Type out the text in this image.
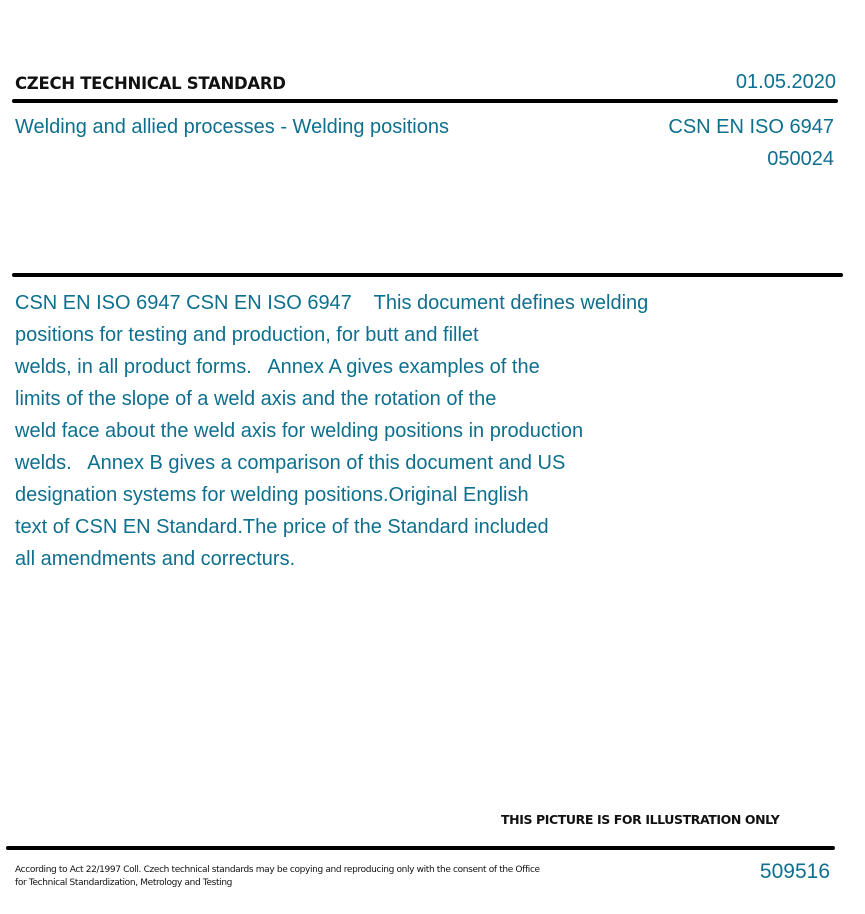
CZECH TECHNICAL STANDARD	01.05.2020
Welding and allied processes - Welding positions	CSN EN ISO 6947
050024
CSN EN ISO 6947 CSN EN ISO 6947    This document defines welding
positions for testing and production, for butt and fillet
welds, in all product forms.   Annex A gives examples of the
limits of the slope of a weld axis and the rotation of the
weld face about the weld axis for welding positions in production
welds.   Annex B gives a comparison of this document and US
designation systems for welding positions.Original English
text of CSN EN Standard.The price of the Standard included
all amendments and correcturs.
THIS PICTURE IS FOR ILLUSTRATION ONLY
According to Act 22/1997 Coll. Czech technical standards may be copying and reproducing only with the consent of the Office
for Technical Standardization, Metrology and Testing	509516
